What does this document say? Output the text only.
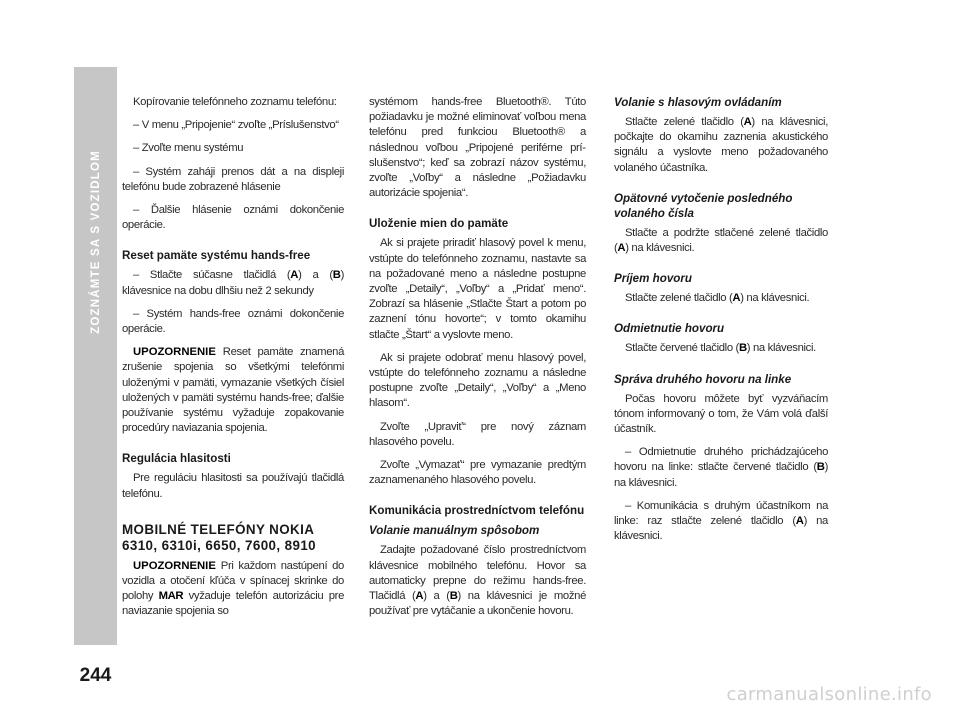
ZOZNÁMTE SA S VOZIDLOM
244

Kopírovanie telefónneho zoznamu telefónu:

– V menu „Pripojenie“ zvoľte „Príslušenstvo“

– Zvoľte menu systému

– Systém zaháji prenos dát a na displeji telefónu bude zobrazené hlásenie

– Ďalšie hlásenie oznámi dokončenie operácie.

Reset pamäte systému hands-free

– Stlačte súčasne tlačidlá (A) a (B) klávesnice na dobu dlhšiu než 2 sekundy

– Systém hands-free oznámi dokončenie operácie.

UPOZORNENIE Reset pamäte znamená zrušenie spojenia so všetkými telefónmi uloženými v pamäti, vymazanie všetkých čísiel uložených v pamäti systému hands-free; ďalšie používanie systému vyžaduje zopakovanie procedúry naviazania spojenia.

Regulácia hlasitosti

Pre reguláciu hlasitosti sa používajú tlačidlá telefónu.

MOBILNÉ TELEFÓNY NOKIA 6310, 6310i, 6650, 7600, 8910

UPOZORNENIE Pri každom nastúpení do vozidla a otočení kľúča v spínacej skrinke do polohy MAR vyžaduje telefón autorizáciu pre naviazanie spojenia so

systémom hands-free Bluetooth®. Túto požiadavku je možné eliminovať voľbou mena telefónu pred funkciou Bluetooth® a následnou voľbou „Pripojené periférne príslušenstvo“; keď sa zobrazí názov systému, zvoľte „Voľby“ a následne „Požiadavku autorizácie spojenia“.

Uloženie mien do pamäte

Ak si prajete priradiť hlasový povel k menu, vstúpte do telefónneho zoznamu, nastavte sa na požadované meno a následne postupne zvoľte „Detaily“, „Voľby“ a „Pridať meno“. Zobrazí sa hlásenie „Stlačte Štart a potom po zaznení tónu hovorte“; v tomto okamihu stlačte „Štart“ a vyslovte meno.

Ak si prajete odobrať menu hlasový povel, vstúpte do telefónneho zoznamu a následne postupne zvoľte „Detaily“, „Voľby“ a „Meno hlasom“.

Zvoľte „Upraviť“ pre nový záznam hlasového povelu.

Zvoľte „Vymazať“ pre vymazanie predtým zaznamenaného hlasového povelu.

Komunikácia prostredníctvom telefónu
Volanie manuálnym spôsobom

Zadajte požadované číslo prostredníctvom klávesnice mobilného telefónu. Hovor sa automaticky prepne do režimu hands-free. Tlačidlá (A) a (B) na klávesnici je možné používať pre vytáčanie a ukončenie hovoru.

Volanie s hlasovým ovládaním

Stlačte zelené tlačidlo (A) na klávesnici, počkajte do okamihu zaznenia akustického signálu a vyslovte meno požadovaného volaného účastníka.

Opätovné vytočenie posledného
volaného čísla

Stlačte a podržte stlačené zelené tlačidlo (A) na klávesnici.

Príjem hovoru

Stlačte zelené tlačidlo (A) na klávesnici.

Odmietnutie hovoru

Stlačte červené tlačidlo (B) na klávesnici.

Správa druhého hovoru na linke

Počas hovoru môžete byť vyzváňacím tónom informovaný o tom, že Vám volá ďalší účastník.

– Odmietnutie druhého prichádzajúceho hovoru na linke: stlačte červené tlačidlo (B) na klávesnici.

– Komunikácia s druhým účastníkom na linke: raz stlačte zelené tlačidlo (A) na klávesnici.

carmanualsonline.info
